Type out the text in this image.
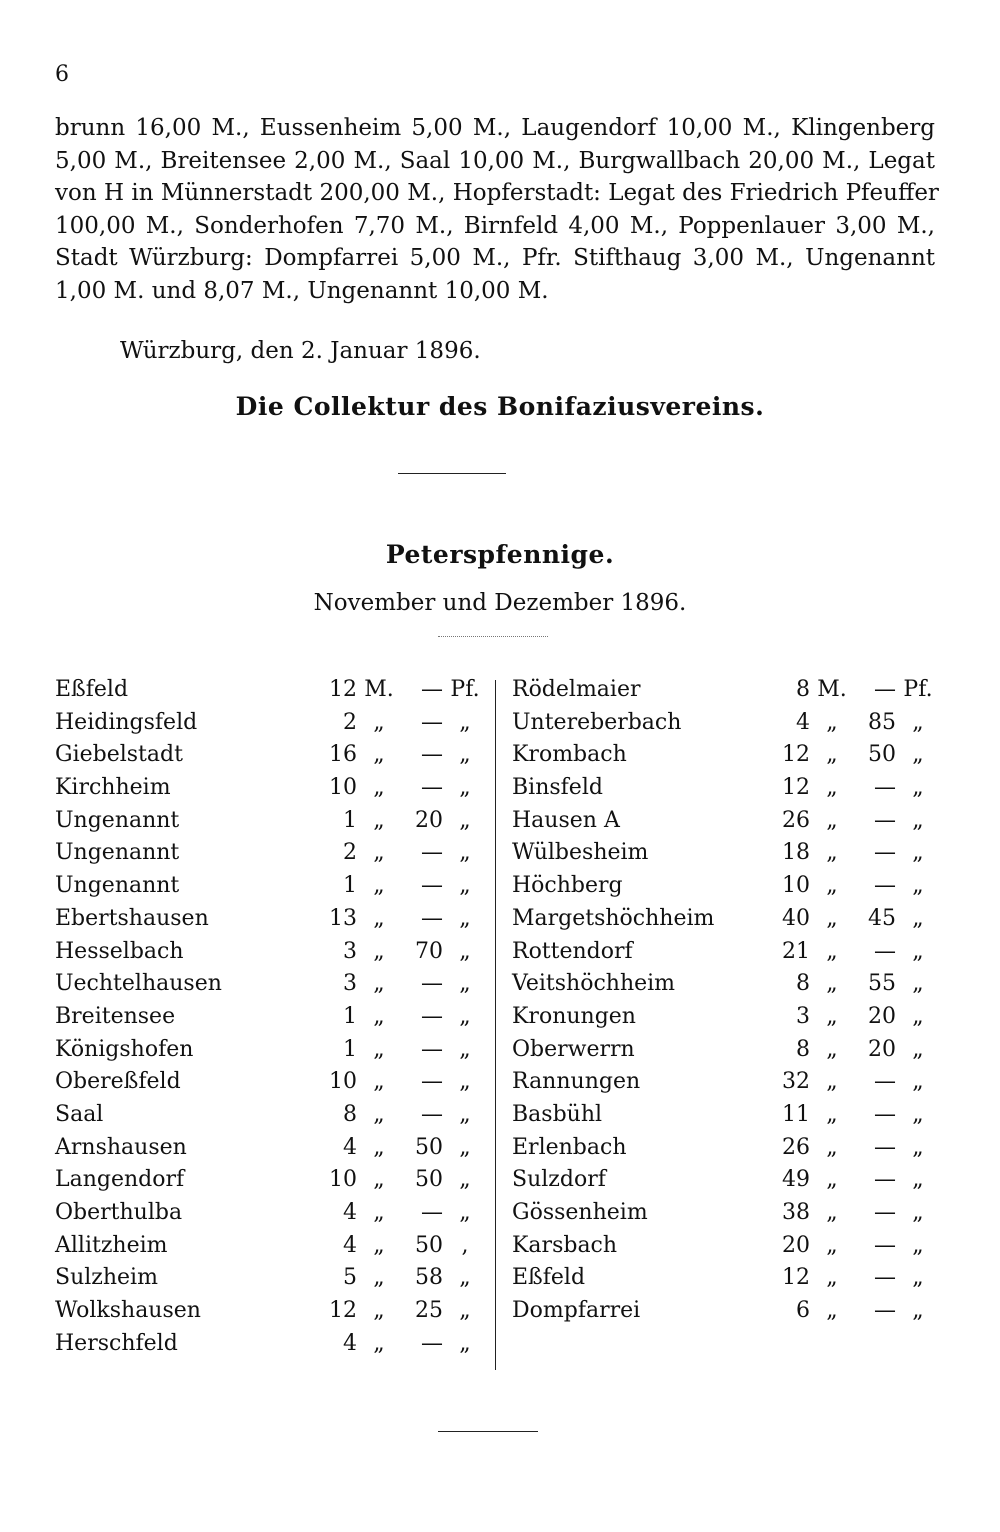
6
brunn 16,00 M., Eussenheim 5,00 M., Laugendorf 10,00 M., Klingenberg
5,00 M., Breitensee 2,00 M., Saal 10,00 M., Burgwallbach 20,00 M., Legat
von H in Münnerstadt 200,00 M., Hopferstadt: Legat des Friedrich Pfeuffer
100,00 M., Sonderhofen 7,70 M., Birnfeld 4,00 M., Poppenlauer 3,00 M.,
Stadt Würzburg: Dompfarrei 5,00 M., Pfr. Stifthaug 3,00 M., Ungenannt
1,00 M. und 8,07 M., Ungenannt 10,00 M.
Würzburg, den 2. Januar 1896.
Die Collektur des Bonifaziusvereins.
Peterspfennige.
November und Dezember 1896.
Eßfeld	12 M.	— Pf.
Heidingsfeld	2 „	— „
Giebelstadt	16 „	— „
Kirchheim	10 „	— „
Ungenannt	1 „	20 „
Ungenannt	2 „	— „
Ungenannt	1 „	— „
Ebertshausen	13 „	— „
Hesselbach	3 „	70 „
Uechtelhausen	3 „	— „
Breitensee	1 „	— „
Königshofen	1 „	— „
Obereßfeld	10 „	— „
Saal	8 „	— „
Arnshausen	4 „	50 „
Langendorf	10 „	50 „
Oberthulba	4 „	— „
Allitzheim	4 „	50 ,
Sulzheim	5 „	58 „
Wolkshausen	12 „	25 „
Herschfeld	4 „	— „
Rödelmaier	8 M.	— Pf.
Untereberbach	4 „	85 „
Krombach	12 „	50 „
Binsfeld	12 „	— „
Hausen A	26 „	— „
Wülbesheim	18 „	— „
Höchberg	10 „	— „
Margetshöchheim	40 „	45 „
Rottendorf	21 „	— „
Veitshöchheim	8 „	55 „
Kronungen	3 „	20 „
Oberwerrn	8 „	20 „
Rannungen	32 „	— „
Basbühl	11 „	— „
Erlenbach	26 „	— „
Sulzdorf	49 „	— „
Gössenheim	38 „	— „
Karsbach	20 „	— „
Eßfeld	12 „	— „
Dompfarrei	6 „	— „
